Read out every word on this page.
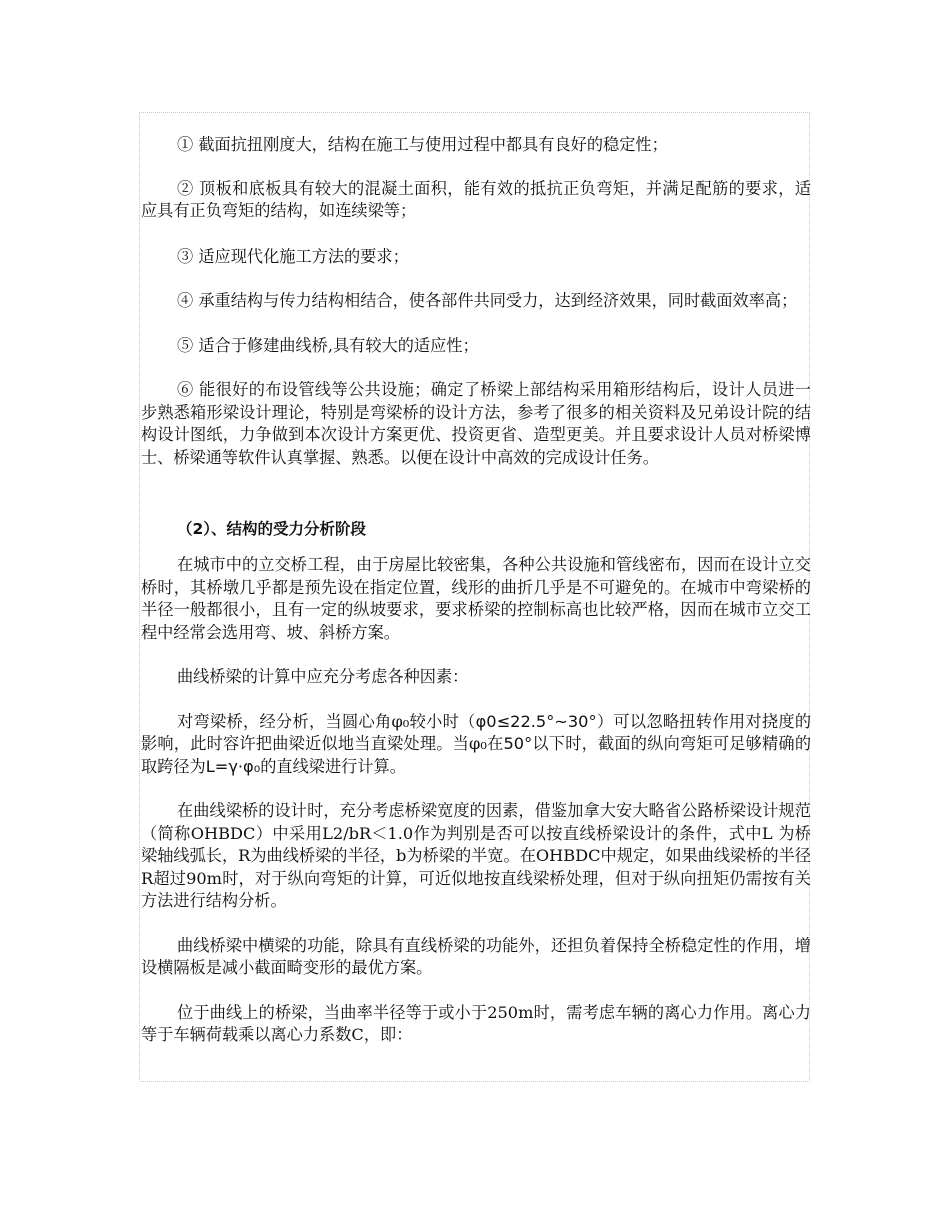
① 截面抗扭刚度大，结构在施工与使用过程中都具有良好的稳定性；

② 顶板和底板具有较大的混凝土面积，能有效的抵抗正负弯矩，并满足配筋的要求，适应具有正负弯矩的结构，如连续梁等；

③ 适应现代化施工方法的要求；

④ 承重结构与传力结构相结合，使各部件共同受力，达到经济效果，同时截面效率高；

⑤ 适合于修建曲线桥,具有较大的适应性；

⑥ 能很好的布设管线等公共设施；确定了桥梁上部结构采用箱形结构后，设计人员进一步熟悉箱形梁设计理论，特别是弯梁桥的设计方法，参考了很多的相关资料及兄弟设计院的结构设计图纸，力争做到本次设计方案更优、投资更省、造型更美。并且要求设计人员对桥梁博士、桥梁通等软件认真掌握、熟悉。以便在设计中高效的完成设计任务。

（2）、结构的受力分析阶段

在城市中的立交桥工程，由于房屋比较密集，各种公共设施和管线密布，因而在设计立交桥时，其桥墩几乎都是预先设在指定位置，线形的曲折几乎是不可避免的。在城市中弯梁桥的半径一般都很小，且有一定的纵坡要求，要求桥梁的控制标高也比较严格，因而在城市立交工程中经常会选用弯、坡、斜桥方案。

曲线桥梁的计算中应充分考虑各种因素：

对弯梁桥，经分析，当圆心角φ₀较小时（φ0≤22.5°~30°）可以忽略扭转作用对挠度的影响，此时容许把曲梁近似地当直梁处理。当φ₀在50°以下时，截面的纵向弯矩可足够精确的取跨径为L=γ·φ₀的直线梁进行计算。

在曲线梁桥的设计时，充分考虑桥梁宽度的因素，借鉴加拿大安大略省公路桥梁设计规范（简称OHBDC）中采用L2/bR＜1.0作为判别是否可以按直线桥梁设计的条件，式中L 为桥梁轴线弧长，R为曲线桥梁的半径，b为桥梁的半宽。在OHBDC中规定，如果曲线梁桥的半径R超过90m时，对于纵向弯矩的计算，可近似地按直线梁桥处理，但对于纵向扭矩仍需按有关方法进行结构分析。

曲线桥梁中横梁的功能，除具有直线桥梁的功能外，还担负着保持全桥稳定性的作用，增设横隔板是减小截面畸变形的最优方案。

位于曲线上的桥梁，当曲率半径等于或小于250m时，需考虑车辆的离心力作用。离心力等于车辆荷载乘以离心力系数C，即：
